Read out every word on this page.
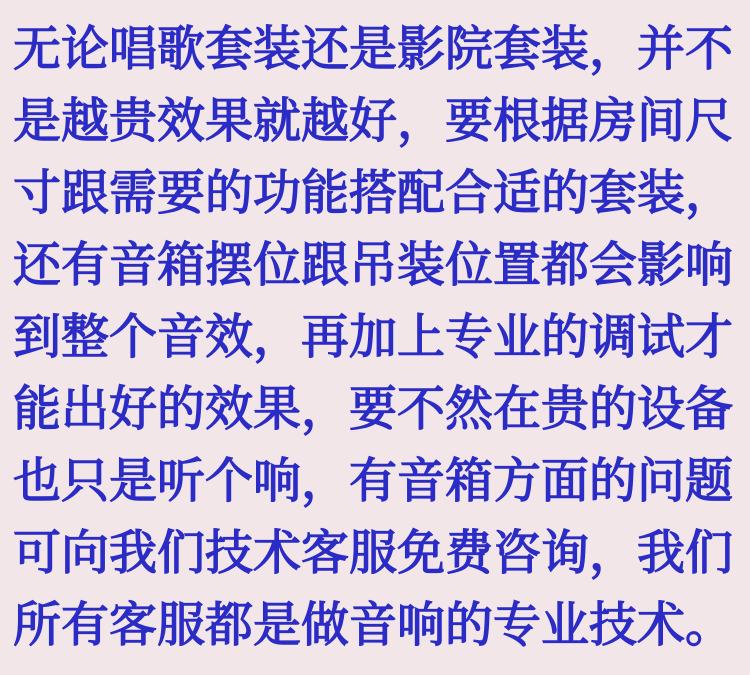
无论唱歌套装还是影院套装，并不
是越贵效果就越好，要根据房间尺
寸跟需要的功能搭配合适的套装，
还有音箱摆位跟吊装位置都会影响
到整个音效，再加上专业的调试才
能出好的效果，要不然在贵的设备
也只是听个响，有音箱方面的问题
可向我们技术客服免费咨询，我们
所有客服都是做音响的专业技术。
